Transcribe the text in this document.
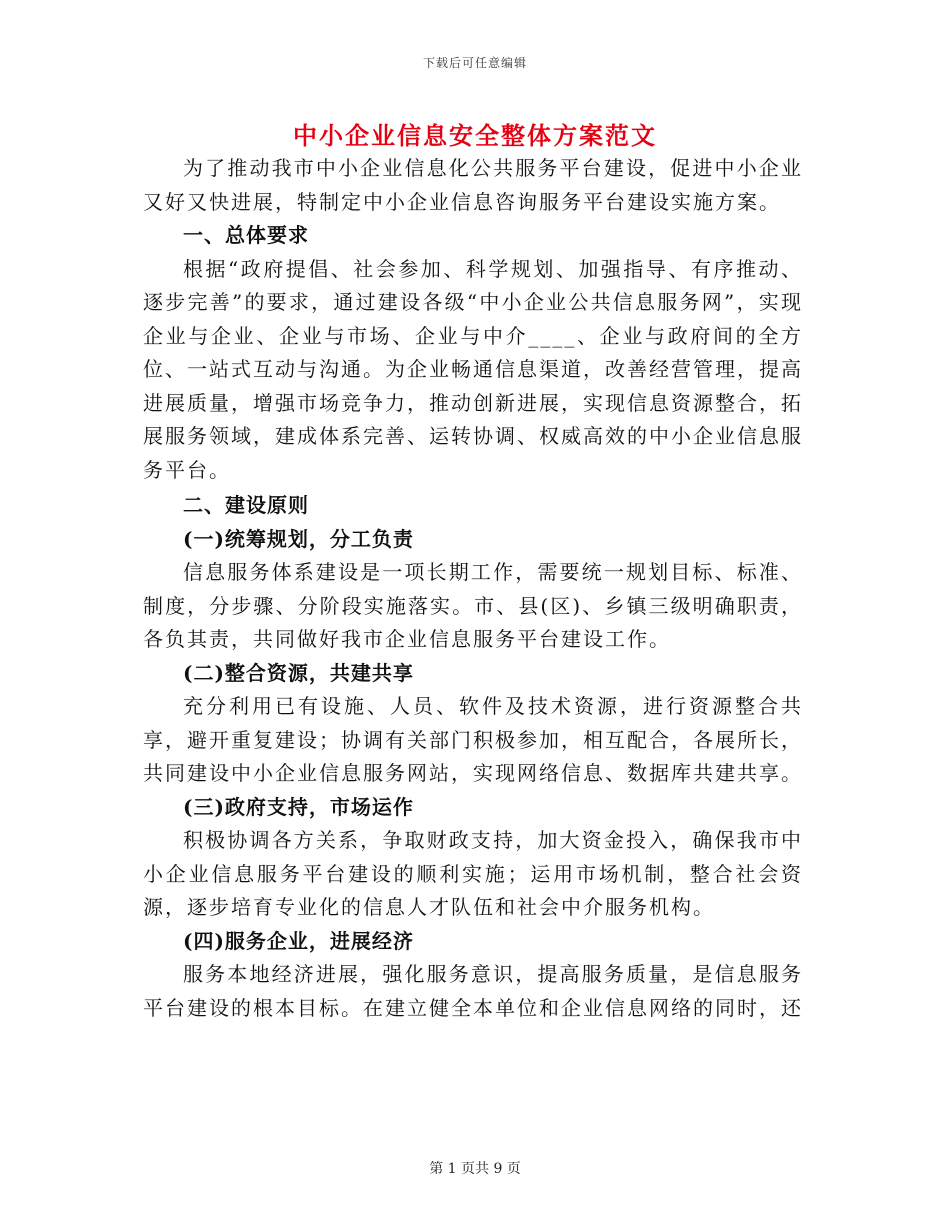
下载后可任意编辑
中小企业信息安全整体方案范文

为了推动我市中小企业信息化公共服务平台建设，促进中小企业又好又快进展，特制定中小企业信息咨询服务平台建设实施方案。

一、总体要求

根据“政府提倡、社会参加、科学规划、加强指导、有序推动、逐步完善”的要求，通过建设各级“中小企业公共信息服务网”，实现企业与企业、企业与市场、企业与中介____、企业与政府间的全方位、一站式互动与沟通。为企业畅通信息渠道，改善经营管理，提高进展质量，增强市场竞争力，推动创新进展，实现信息资源整合，拓展服务领域，建成体系完善、运转协调、权威高效的中小企业信息服务平台。

二、建设原则

(一)统筹规划，分工负责

信息服务体系建设是一项长期工作，需要统一规划目标、标准、制度，分步骤、分阶段实施落实。市、县(区)、乡镇三级明确职责，各负其责，共同做好我市企业信息服务平台建设工作。

(二)整合资源，共建共享

充分利用已有设施、人员、软件及技术资源，进行资源整合共享，避开重复建设；协调有关部门积极参加，相互配合，各展所长，共同建设中小企业信息服务网站，实现网络信息、数据库共建共享。

(三)政府支持，市场运作

积极协调各方关系，争取财政支持，加大资金投入，确保我市中小企业信息服务平台建设的顺利实施；运用市场机制，整合社会资源，逐步培育专业化的信息人才队伍和社会中介服务机构。

(四)服务企业，进展经济

服务本地经济进展，强化服务意识，提高服务质量，是信息服务平台建设的根本目标。在建立健全本单位和企业信息网络的同时，还

第 1 页共 9 页
